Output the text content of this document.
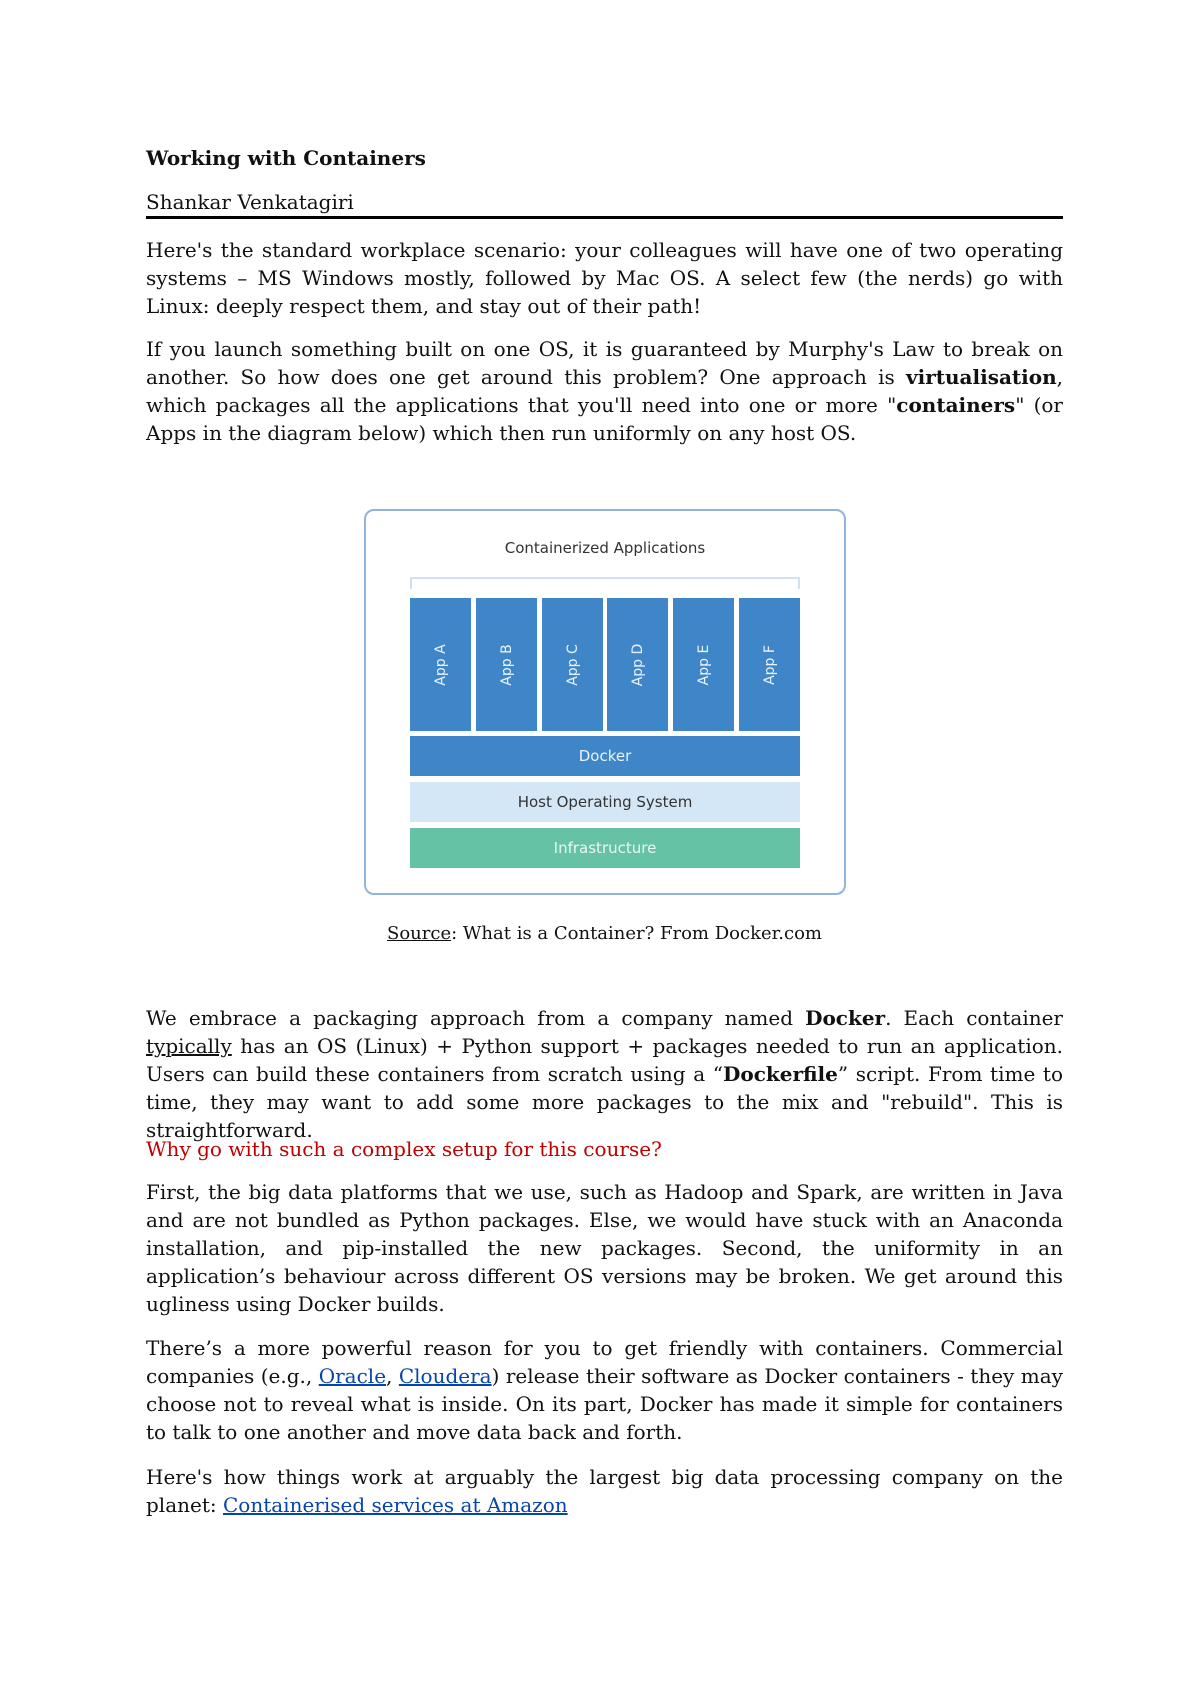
Working with Containers
Shankar Venkatagiri

Here's the standard workplace scenario: your colleagues will have one of two operating systems – MS Windows mostly, followed by Mac OS. A select few (the nerds) go with Linux: deeply respect them, and stay out of their path!

If you launch something built on one OS, it is guaranteed by Murphy's Law to break on another. So how does one get around this problem? One approach is virtualisation, which packages all the applications that you'll need into one or more "containers" (or Apps in the diagram below) which then run uniformly on any host OS.

Source: What is a Container? From Docker.com

We embrace a packaging approach from a company named Docker. Each container typically has an OS (Linux) + Python support + packages needed to run an application. Users can build these containers from scratch using a “Dockerfile” script. From time to time, they may want to add some more packages to the mix and "rebuild". This is straightforward.

Why go with such a complex setup for this course?

First, the big data platforms that we use, such as Hadoop and Spark, are written in Java and are not bundled as Python packages. Else, we would have stuck with an Anaconda installation, and pip-installed the new packages. Second, the uniformity in an application’s behaviour across different OS versions may be broken. We get around this ugliness using Docker builds.

There’s a more powerful reason for you to get friendly with containers. Commercial companies (e.g., Oracle, Cloudera) release their software as Docker containers - they may choose not to reveal what is inside. On its part, Docker has made it simple for containers to talk to one another and move data back and forth.

Here's how things work at arguably the largest big data processing company on the planet: Containerised services at Amazon

Containerized Applications
App A	App B	App C	App D	App E	App F
Docker
Host Operating System
Infrastructure
